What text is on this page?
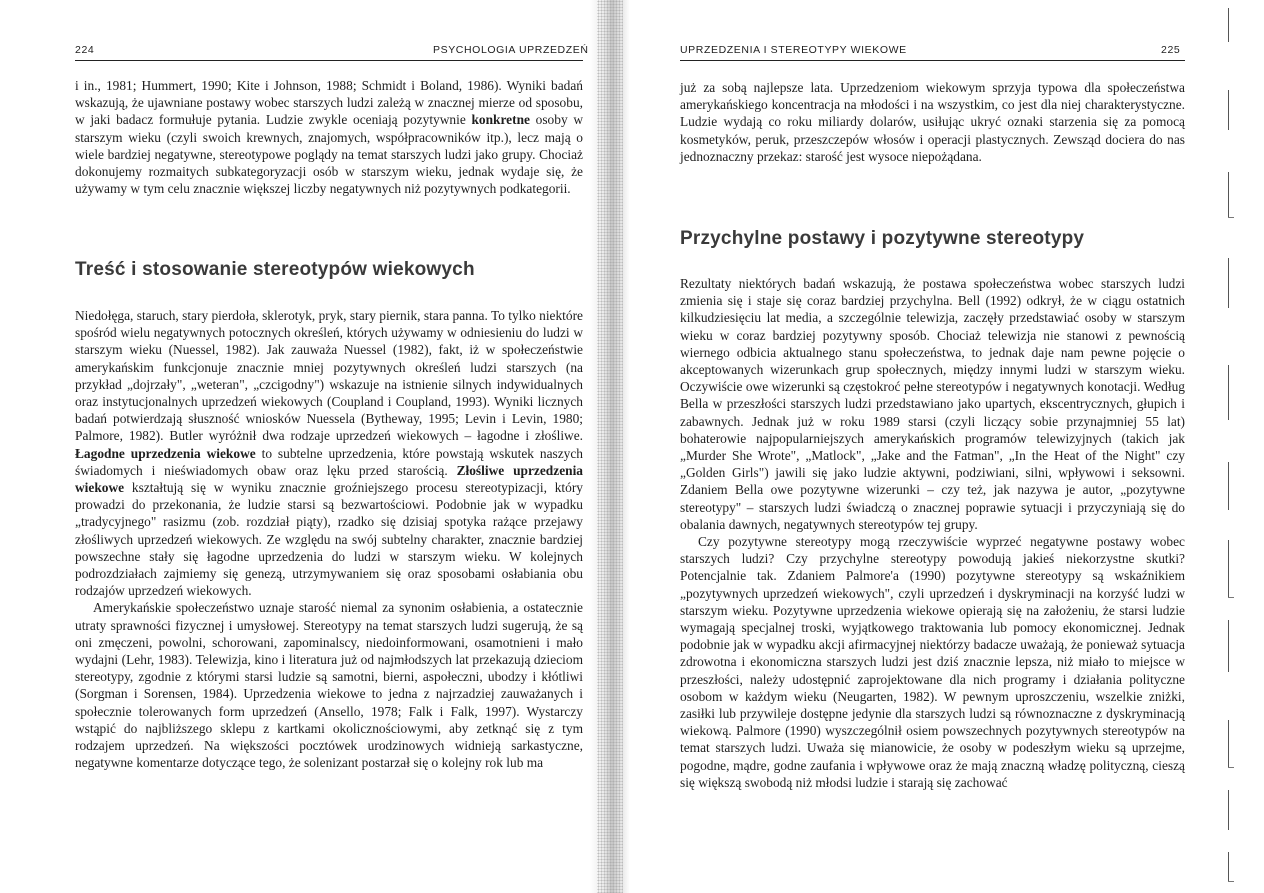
224	PSYCHOLOGIA UPRZEDZEŃ

i in., 1981; Hummert, 1990; Kite i Johnson, 1988; Schmidt i Boland, 1986). Wyniki badań wskazują, że ujawniane postawy wobec starszych ludzi zależą w znacznej mierze od sposobu, w jaki badacz formułuje pytania. Ludzie zwykle oceniają pozytywnie konkretne osoby w starszym wieku (czyli swoich krewnych, znajomych, współpracowników itp.), lecz mają o wiele bardziej negatywne, stereotypowe poglądy na temat starszych ludzi jako grupy. Chociaż dokonujemy rozmaitych subkategoryzacji osób w starszym wieku, jednak wydaje się, że używamy w tym celu znacznie większej liczby negatywnych niż pozytywnych podkategorii.

Treść i stosowanie stereotypów wiekowych

Niedołęga, staruch, stary pierdoła, sklerotyk, pryk, stary piernik, stara panna. To tylko niektóre spośród wielu negatywnych potocznych określeń, których używamy w odniesieniu do ludzi w starszym wieku (Nuessel, 1982). Jak zauważa Nuessel (1982), fakt, iż w społeczeństwie amerykańskim funkcjonuje znacznie mniej pozytywnych określeń ludzi starszych (na przykład „dojrzały", „weteran", „czcigodny") wskazuje na istnienie silnych indywidualnych oraz instytucjonalnych uprzedzeń wiekowych (Coupland i Coupland, 1993). Wyniki licznych badań potwierdzają słuszność wniosków Nuessela (Bytheway, 1995; Levin i Levin, 1980; Palmore, 1982). Butler wyróżnił dwa rodzaje uprzedzeń wiekowych – łagodne i złośliwe. Łagodne uprzedzenia wiekowe to subtelne uprzedzenia, które powstają wskutek naszych świadomych i nieświadomych obaw oraz lęku przed starością. Złośliwe uprzedzenia wiekowe kształtują się w wyniku znacznie groźniejszego procesu stereotypizacji, który prowadzi do przekonania, że ludzie starsi są bezwartościowi. Podobnie jak w wypadku „tradycyjnego" rasizmu (zob. rozdział piąty), rzadko się dzisiaj spotyka rażące przejawy złośliwych uprzedzeń wiekowych. Ze względu na swój subtelny charakter, znacznie bardziej powszechne stały się łagodne uprzedzenia do ludzi w starszym wieku. W kolejnych podrozdziałach zajmiemy się genezą, utrzymywaniem się oraz sposobami osłabiania obu rodzajów uprzedzeń wiekowych.

Amerykańskie społeczeństwo uznaje starość niemal za synonim osłabienia, a ostatecznie utraty sprawności fizycznej i umysłowej. Stereotypy na temat starszych ludzi sugerują, że są oni zmęczeni, powolni, schorowani, zapominalscy, niedoinformowani, osamotnieni i mało wydajni (Lehr, 1983). Telewizja, kino i literatura już od najmłodszych lat przekazują dzieciom stereotypy, zgodnie z którymi starsi ludzie są samotni, bierni, aspołeczni, ubodzy i kłótliwi (Sorgman i Sorensen, 1984). Uprzedzenia wiekowe to jedna z najrzadziej zauważanych i społecznie tolerowanych form uprzedzeń (Ansello, 1978; Falk i Falk, 1997). Wystarczy wstąpić do najbliższego sklepu z kartkami okolicznościowymi, aby zetknąć się z tym rodzajem uprzedzeń. Na większości pocztówek urodzinowych widnieją sarkastyczne, negatywne komentarze dotyczące tego, że solenizant postarzał się o kolejny rok lub ma

UPRZEDZENIA I STEREOTYPY WIEKOWE	225

już za sobą najlepsze lata. Uprzedzeniom wiekowym sprzyja typowa dla społeczeństwa amerykańskiego koncentracja na młodości i na wszystkim, co jest dla niej charakterystyczne. Ludzie wydają co roku miliardy dolarów, usiłując ukryć oznaki starzenia się za pomocą kosmetyków, peruk, przeszczepów włosów i operacji plastycznych. Zewsząd dociera do nas jednoznaczny przekaz: starość jest wysoce niepożądana.

Przychylne postawy i pozytywne stereotypy

Rezultaty niektórych badań wskazują, że postawa społeczeństwa wobec starszych ludzi zmienia się i staje się coraz bardziej przychylna. Bell (1992) odkrył, że w ciągu ostatnich kilkudziesięciu lat media, a szczególnie telewizja, zaczęły przedstawiać osoby w starszym wieku w coraz bardziej pozytywny sposób. Chociaż telewizja nie stanowi z pewnością wiernego odbicia aktualnego stanu społeczeństwa, to jednak daje nam pewne pojęcie o akceptowanych wizerunkach grup społecznych, między innymi ludzi w starszym wieku. Oczywiście owe wizerunki są częstokroć pełne stereotypów i negatywnych konotacji. Według Bella w przeszłości starszych ludzi przedstawiano jako upartych, ekscentrycznych, głupich i zabawnych. Jednak już w roku 1989 starsi (czyli liczący sobie przynajmniej 55 lat) bohaterowie najpopularniejszych amerykańskich programów telewizyjnych (takich jak „Murder She Wrote", „Matlock", „Jake and the Fatman", „In the Heat of the Night" czy „Golden Girls") jawili się jako ludzie aktywni, podziwiani, silni, wpływowi i seksowni. Zdaniem Bella owe pozytywne wizerunki – czy też, jak nazywa je autor, „pozytywne stereotypy" – starszych ludzi świadczą o znacznej poprawie sytuacji i przyczyniają się do obalania dawnych, negatywnych stereotypów tej grupy.

Czy pozytywne stereotypy mogą rzeczywiście wyprzeć negatywne postawy wobec starszych ludzi? Czy przychylne stereotypy powodują jakieś niekorzystne skutki? Potencjalnie tak. Zdaniem Palmore'a (1990) pozytywne stereotypy są wskaźnikiem „pozytywnych uprzedzeń wiekowych", czyli uprzedzeń i dyskryminacji na korzyść ludzi w starszym wieku. Pozytywne uprzedzenia wiekowe opierają się na założeniu, że starsi ludzie wymagają specjalnej troski, wyjątkowego traktowania lub pomocy ekonomicznej. Jednak podobnie jak w wypadku akcji afirmacyjnej niektórzy badacze uważają, że ponieważ sytuacja zdrowotna i ekonomiczna starszych ludzi jest dziś znacznie lepsza, niż miało to miejsce w przeszłości, należy udostępnić zaprojektowane dla nich programy i działania polityczne osobom w każdym wieku (Neugarten, 1982). W pewnym uproszczeniu, wszelkie zniżki, zasiłki lub przywileje dostępne jedynie dla starszych ludzi są równoznaczne z dyskryminacją wiekową. Palmore (1990) wyszczególnił osiem powszechnych pozytywnych stereotypów na temat starszych ludzi. Uważa się mianowicie, że osoby w podeszłym wieku są uprzejme, pogodne, mądre, godne zaufania i wpływowe oraz że mają znaczną władzę polityczną, cieszą się większą swobodą niż młodsi ludzie i starają się zachować
